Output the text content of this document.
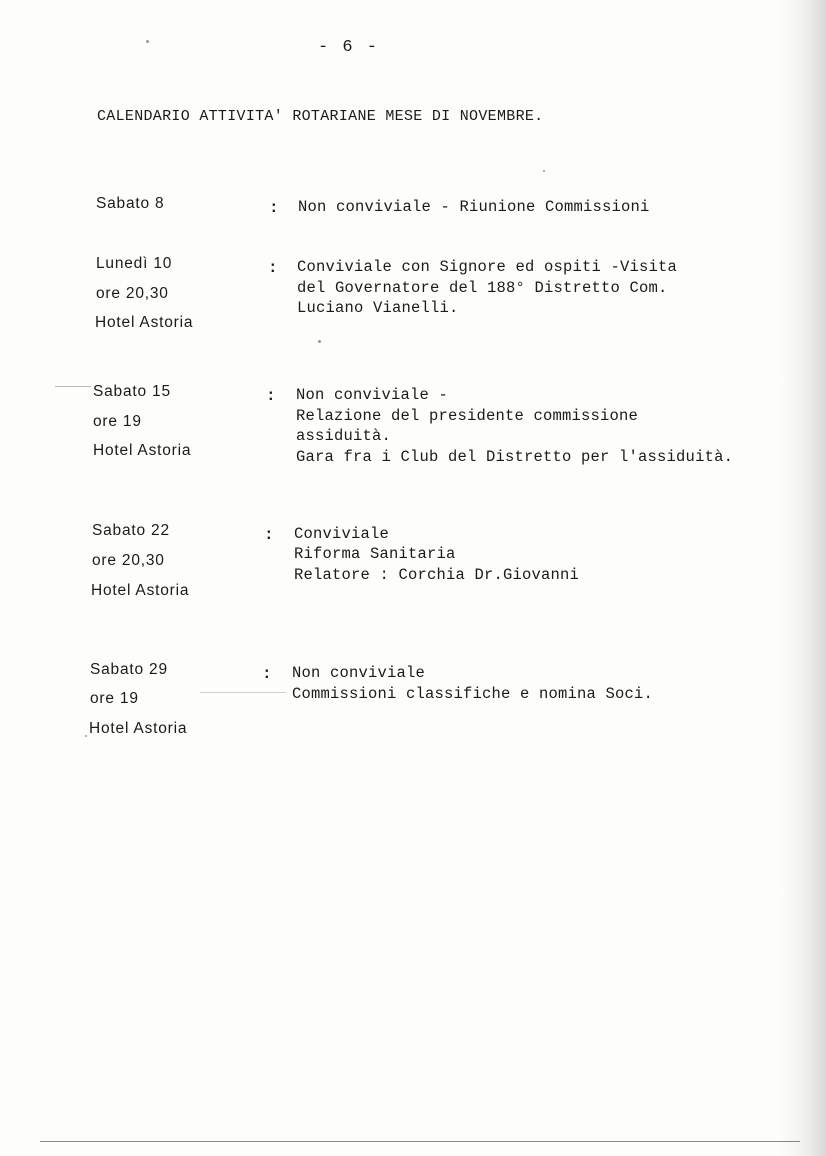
- 6 -
CALENDARIO ATTIVITA' ROTARIANE MESE DI NOVEMBRE.
Sabato 8	: Non conviviale - Riunione Commissioni
Lunedì 10
ore 20,30
Hotel Astoria
: Conviviale con Signore ed ospiti -Visita
del Governatore del 188° Distretto Com.
Luciano Vianelli.
Sabato 15
ore 19
Hotel Astoria
: Non conviviale -
Relazione del presidente commissione
assiduità.
Gara fra i Club del Distretto per l'assiduità.
Sabato 22
ore 20,30
Hotel Astoria
: Conviviale
Riforma Sanitaria
Relatore : Corchia Dr.Giovanni
Sabato 29
ore 19
Hotel Astoria
: Non conviviale
Commissioni classifiche e nomina Soci.
